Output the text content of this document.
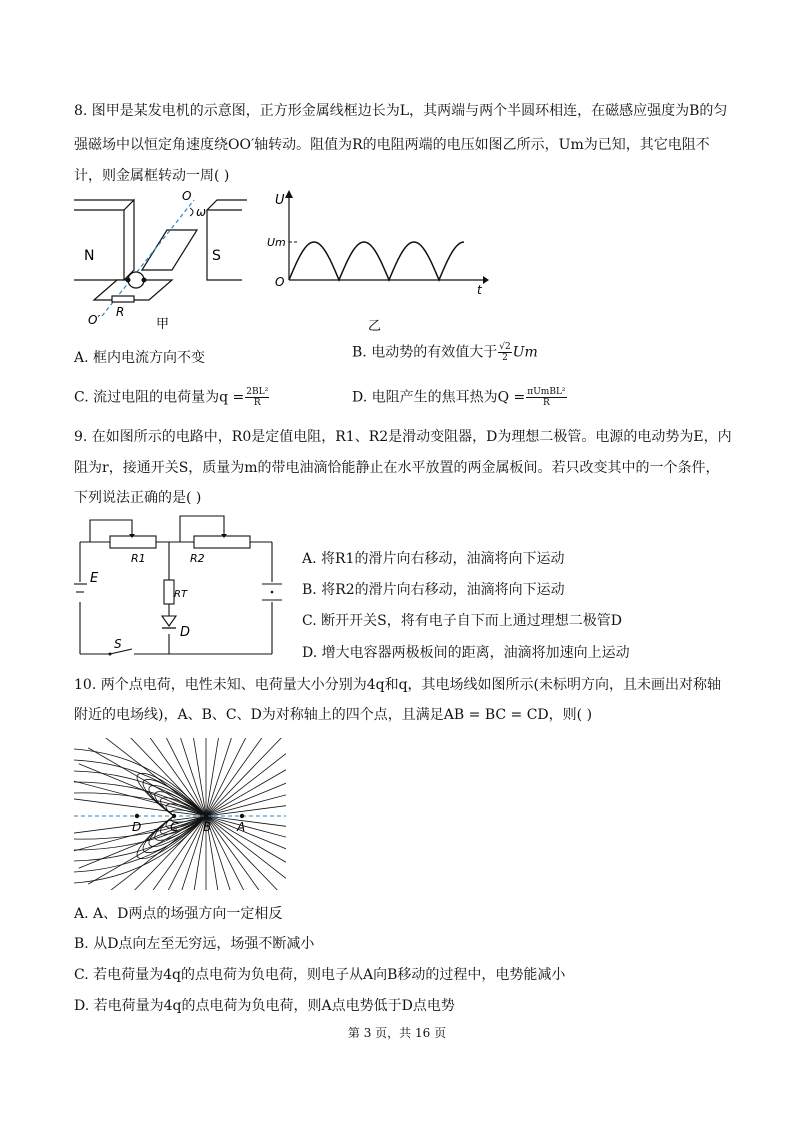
8. 图甲是某发电机的示意图，正方形金属线框边长为L，其两端与两个半圆环相连，在磁感应强度为B的匀
强磁场中以恒定角速度绕OO′轴转动。阻值为R的电阻两端的电压如图乙所示，Um为已知，其它电阻不
计，则金属框转动一周( )
N	S
O
ω
O′
R
甲
U
Um
O
t
乙
A. 框内电流方向不变	B. 电动势的有效值大于 $\frac{√2}{2}$ Um
C. 流过电阻的电荷量为$q = \frac{\text{2BL²}}{R}$	D. 电阻产生的焦耳热为$Q = \frac{\text{πUmBL²}}{R}$
9. 在如图所示的电路中，R0是定值电阻，R1、R2是滑动变阻器，D为理想二极管。电源的电动势为E，内
阻为r，接通开关S，质量为m的带电油滴恰能静止在水平放置的两金属板间。若只改变其中的一个条件，
下列说法正确的是( )
R1	R2
RT
E
D
S
A. 将R1的滑片向右移动，油滴将向下运动
B. 将R2的滑片向右移动，油滴将向下运动
C. 断开开关S，将有电子自下而上通过理想二极管D
D. 增大电容器两极板间的距离，油滴将加速向上运动
10. 两个点电荷，电性未知、电荷量大小分别为4q和q，其电场线如图所示(未标明方向，且未画出对称轴
附近的电场线)，A、B、C、D为对称轴上的四个点，且满足AB = BC = CD，则( )
D C B A
A. A、D两点的场强方向一定相反
B. 从D点向左至无穷远，场强不断减小
C. 若电荷量为4q的点电荷为负电荷，则电子从A向B移动的过程中，电势能减小
D. 若电荷量为4q的点电荷为负电荷，则A点电势低于D点电势
第 3 页，共 16 页
